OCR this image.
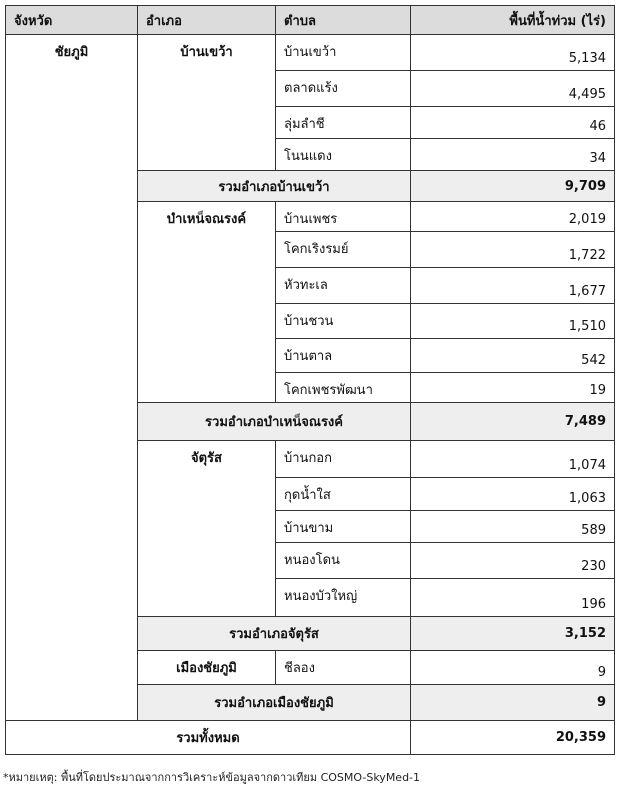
จังหวัด	อำเภอ	ตำบล	พื้นที่น้ำท่วม (ไร่)
ชัยภูมิ	บ้านเขว้า	บ้านเขว้า	5,134
		ตลาดแร้ง	4,495
		ลุ่มลำชี	46
		โนนแดง	34
	รวมอำเภอบ้านเขว้า		9,709
	บำเหน็จณรงค์	บ้านเพชร	2,019
		โคกเริงรมย์	1,722
		หัวทะเล	1,677
		บ้านชวน	1,510
		บ้านตาล	542
		โคกเพชรพัฒนา	19
	รวมอำเภอบำเหน็จณรงค์		7,489
	จัตุรัส	บ้านกอก	1,074
		กุดน้ำใส	1,063
		บ้านขาม	589
		หนองโดน	230
		หนองบัวใหญ่	196
	รวมอำเภอจัตุรัส		3,152
	เมืองชัยภูมิ	ชีลอง	9
	รวมอำเภอเมืองชัยภูมิ		9
รวมทั้งหมด			20,359
*หมายเหตุ: พื้นที่โดยประมาณจากการวิเคราะห์ข้อมูลจากดาวเทียม COSMO-SkyMed-1
